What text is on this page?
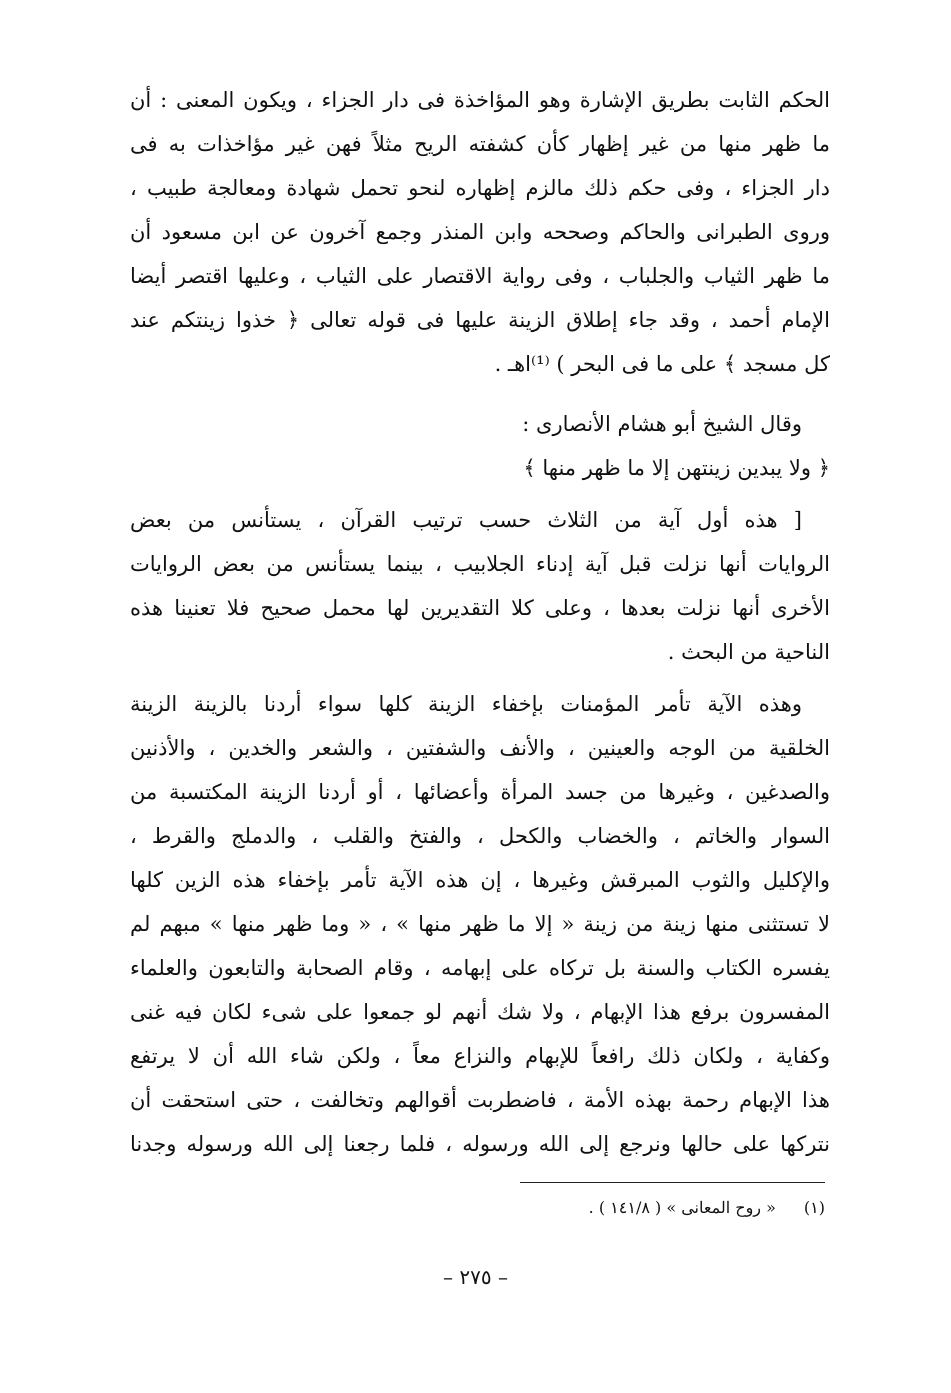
الحكم الثابت بطريق الإشارة وهو المؤاخذة فى دار الجزاء ، ويكون المعنى : أن
ما ظهر منها من غير إظهار كأن كشفته الريح مثلاً فهن غير مؤاخذات به فى
دار الجزاء ، وفى حكم ذلك مالزم إظهاره لنحو تحمل شهادة ومعالجة طبيب ،
وروى الطبرانى والحاكم وصححه وابن المنذر وجمع آخرون عن ابن مسعود أن
ما ظهر الثياب والجلباب ، وفى رواية الاقتصار على الثياب ، وعليها اقتصر أيضا
الإمام أحمد ، وقد جاء إطلاق الزينة عليها فى قوله تعالى ﴿ خذوا زينتكم عند
كل مسجد ﴾ على ما فى البحر ) ⁽¹⁾اهـ .
وقال الشيخ أبو هشام الأنصارى :
﴿ ولا يبدين زينتهن إلا ما ظهر منها ﴾
[ هذه أول آية من الثلاث حسب ترتيب القرآن ، يستأنس من بعض
الروايات أنها نزلت قبل آية إدناء الجلابيب ، بينما يستأنس من بعض الروايات
الأخرى أنها نزلت بعدها ، وعلى كلا التقديرين لها محمل صحيح فلا تعنينا هذه
الناحية من البحث .
وهذه الآية تأمر المؤمنات بإخفاء الزينة كلها سواء أردنا بالزينة الزينة
الخلقية من الوجه والعينين ، والأنف والشفتين ، والشعر والخدين ، والأذنين
والصدغين ، وغيرها من جسد المرأة وأعضائها ، أو أردنا الزينة المكتسبة من
السوار والخاتم ، والخضاب والكحل ، والفتخ والقلب ، والدملج والقرط ،
والإكليل والثوب المبرقش وغيرها ، إن هذه الآية تأمر بإخفاء هذه الزين كلها
لا تستثنى منها زينة من زينة « إلا ما ظهر منها » ، « وما ظهر منها » مبهم لم
يفسره الكتاب والسنة بل تركاه على إبهامه ، وقام الصحابة والتابعون والعلماء
المفسرون برفع هذا الإبهام ، ولا شك أنهم لو جمعوا على شىء لكان فيه غنى
وكفاية ، ولكان ذلك رافعاً للإبهام والنزاع معاً ، ولكن شاء الله أن لا يرتفع
هذا الإبهام رحمة بهذه الأمة ، فاضطربت أقوالهم وتخالفت ، حتى استحقت أن
نتركها على حالها ونرجع إلى الله ورسوله ، فلما رجعنا إلى الله ورسوله وجدنا
(١)« روح المعانى » ( ١٤١/٨ ) .
– ٢٧٥ –
